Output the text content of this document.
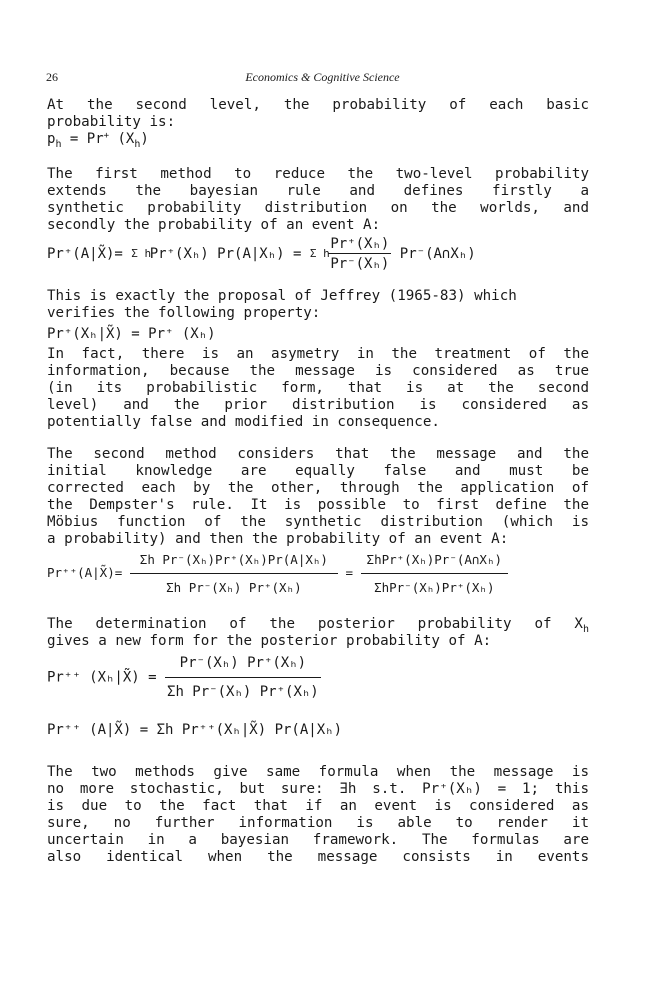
26	Economics & Cognitive Science
At the second level, the probability of each basic
probability is:
$p_h = Pr^+$ $(X_h)$
The first method to reduce the two-level probability
extends the bayesian rule and defines firstly a
synthetic probability distribution on the worlds, and
secondly the probability of an event A:
Pr⁺(A|X̃)= Σ h Pr⁺(Xₕ) Pr(A|Xₕ) = Σ h
$\frac{\text{Pr⁺(Xₕ)}}{\text{Pr⁻(Xₕ)}}$ Pr⁻(A∩Xₕ)
This is exactly the proposal of Jeffrey (1965-83) which
verifies the following property:
Pr⁺(Xₕ|X̃) = Pr⁺ (Xₕ)
In fact, there is an asymetry in the treatment of the
information, because the message is considered as true
(in its probabilistic form, that is at the second
level) and the prior distribution is considered as
potentially false and modified in consequence.
The second method considers that the message and the
initial knowledge are equally false and must be
corrected each by the other, through the application of
the Dempster's rule. It is possible to first define the
Möbius function of the synthetic distribution (which is
a probability) and then the probability of an event A:
Pr⁺⁺(A|X̃)= $\frac{\text{Σh Pr⁻(Xₕ)Pr⁺(Xₕ)Pr(A|Xₕ)}}{\text{Σh Pr⁻(Xₕ) Pr⁺(Xₕ)}} = \frac{\text{ΣhPr⁺(Xₕ)Pr⁻(A∩Xₕ)}}{\text{ΣhPr⁻(Xₕ)Pr⁺(Xₕ)}}$
The determination of the posterior probability of $X_h$
gives a new form for the posterior probability of A:
Pr⁺⁺ (Xₕ|X̃) = $\frac{\text{Pr⁻(Xₕ) Pr⁺(Xₕ)}}{\text{Σh Pr⁻(Xₕ) Pr⁺(Xₕ)}}$
Pr⁺⁺ (A|X̃) = Σh Pr⁺⁺(Xₕ|X̃) Pr(A|Xₕ)
The two methods give same formula when the message is
no more stochastic, but sure: ∃h s.t. Pr⁺(Xₕ) = 1; this
is due to the fact that if an event is considered as
sure, no further information is able to render it
uncertain in a bayesian framework. The formulas are
also identical when the message consists in events
